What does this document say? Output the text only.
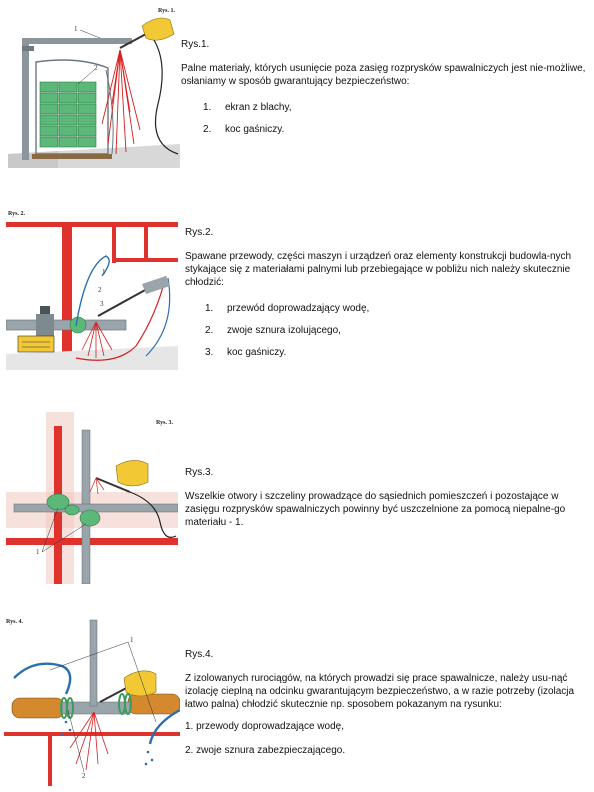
1
2
Rys. 1.
Rys.1.

Palne materiały, których usunięcie poza zasięg rozprysków spawalniczych jest nie-możliwe, osłaniamy w sposób gwarantujący bezpieczeństwo:

1. ekran z blachy,
2. koc gaśniczy.
1
2
3
Rys. 2.
Rys.2.

Spawane przewody, części maszyn i urządzeń oraz elementy konstrukcji budowla-nych stykające się z materiałami palnymi lub przebiegające w pobliżu nich należy skutecznie chłodzić:

1. przewód doprowadzający wodę,
2. zwoje sznura izolującego,
3. koc gaśniczy.
1
Rys. 3.
Rys.3.

Wszelkie otwory i szczeliny prowadzące do sąsiednich pomieszczeń i pozostające w zasięgu rozprysków spawalniczych powinny być uszczelnione za pomocą niepalne-go materiału - 1.

1
2
Rys. 4.
Rys.4.

Z izolowanych rurociągów, na których prowadzi się prace spawalnicze, należy usu-nąć izolację cieplną na odcinku gwarantującym bezpieczeństwo, a w razie potrzeby (izolacja łatwo palna) chłodzić skutecznie np. sposobem pokazanym na rysunku:

1. przewody doprowadzające wodę,

2. zwoje sznura zabezpieczającego.
